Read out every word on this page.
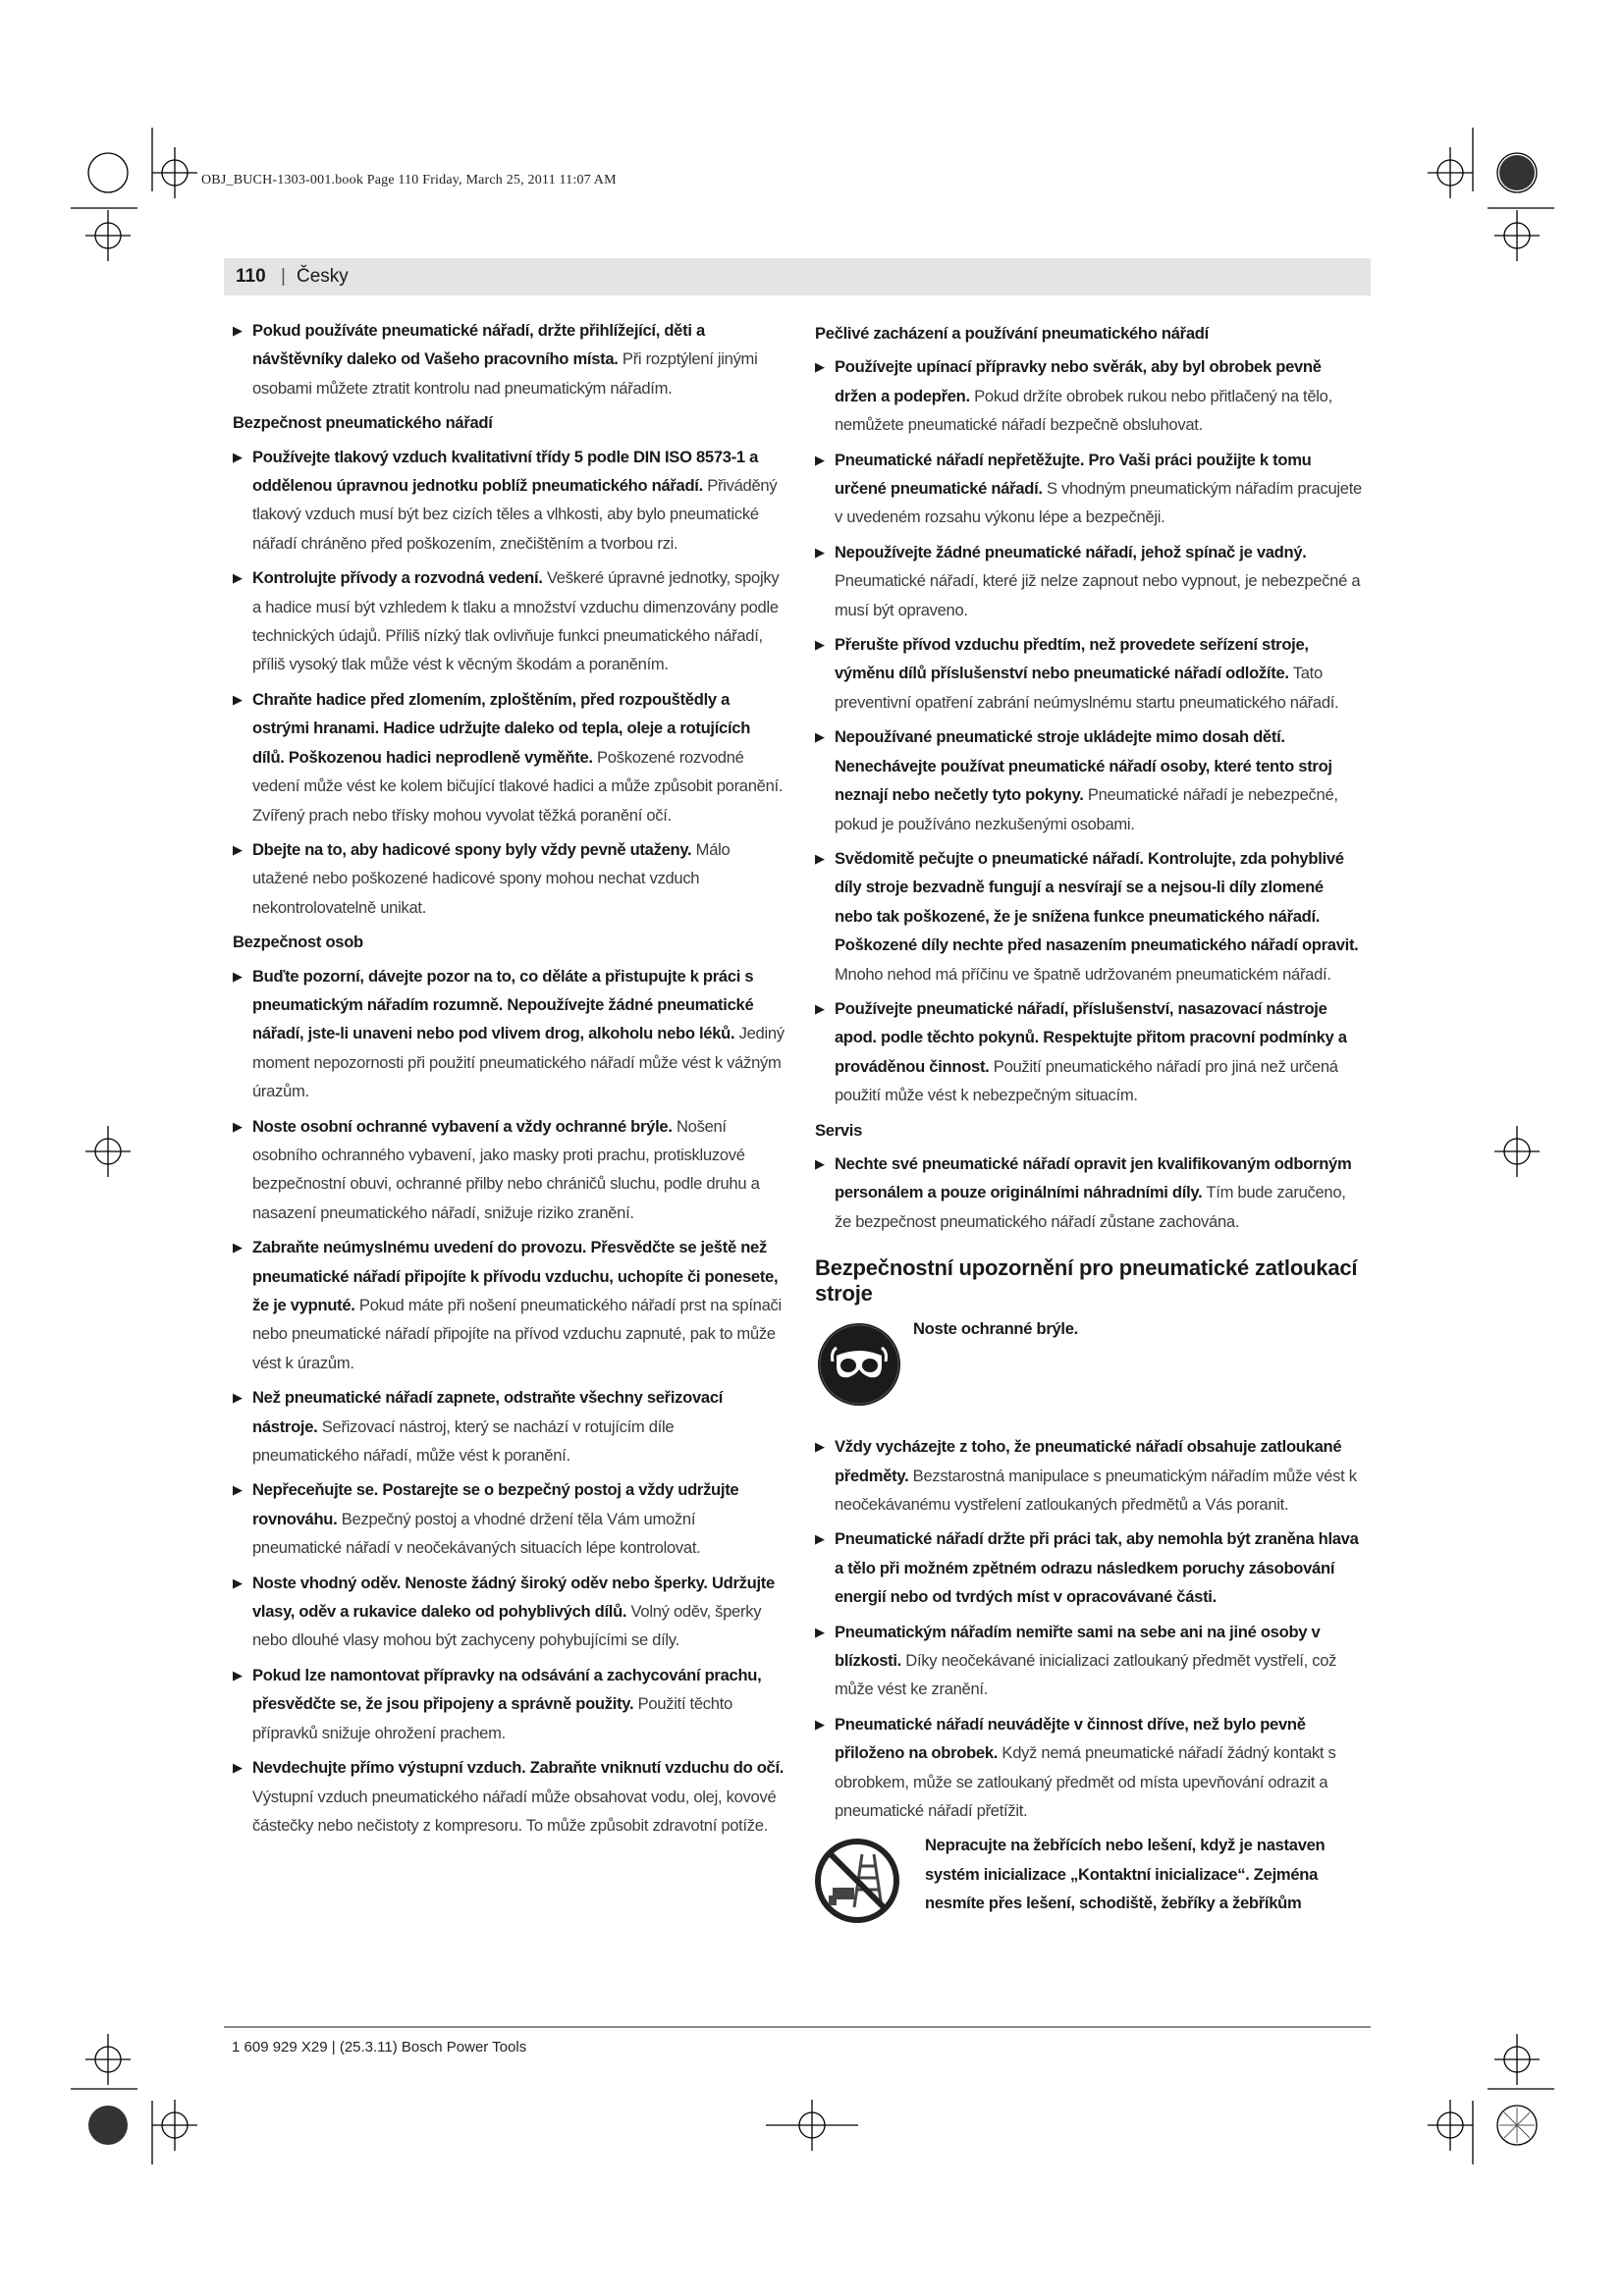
OBJ_BUCH-1303-001.book Page 110 Friday, March 25, 2011 11:07 AM
110 | Česky
▶ Pokud používáte pneumatické nářadí, držte přihlížející, děti a návštěvníky daleko od Vašeho pracovního místa. Při rozptýlení jinými osobami můžete ztratit kontrolu nad pneumatickým nářadím.
Bezpečnost pneumatického nářadí
▶ Používejte tlakový vzduch kvalitativní třídy 5 podle DIN ISO 8573-1 a oddělenou úpravnou jednotku poblíž pneumatického nářadí. Přiváděný tlakový vzduch musí být bez cizích těles a vlhkosti, aby bylo pneumatické nářadí chráněno před poškozením, znečištěním a tvorbou rzi.
▶ Kontrolujte přívody a rozvodná vedení. Veškeré úpravné jednotky, spojky a hadice musí být vzhledem k tlaku a množství vzduchu dimenzovány podle technických údajů. Příliš nízký tlak ovlivňuje funkci pneumatického nářadí, příliš vysoký tlak může vést k věcným škodám a poraněním.
▶ Chraňte hadice před zlomením, zploštěním, před rozpouštědly a ostrými hranami. Hadice udržujte daleko od tepla, oleje a rotujících dílů. Poškozenou hadici neprodleně vyměňte. Poškozené rozvodné vedení může vést ke kolem bičující tlakové hadici a může způsobit poranění. Zvířený prach nebo třísky mohou vyvolat těžká poranění očí.
▶ Dbejte na to, aby hadicové spony byly vždy pevně utaženy. Málo utažené nebo poškozené hadicové spony mohou nechat vzduch nekontrolovatelně unikat.
Bezpečnost osob
▶ Buďte pozorní, dávejte pozor na to, co děláte a přistupujte k práci s pneumatickým nářadím rozumně. Nepoužívejte žádné pneumatické nářadí, jste-li unaveni nebo pod vlivem drog, alkoholu nebo léků. Jediný moment nepozornosti při použití pneumatického nářadí může vést k vážným úrazům.
▶ Noste osobní ochranné vybavení a vždy ochranné brýle. Nošení osobního ochranného vybavení, jako masky proti prachu, protiskluzové bezpečnostní obuvi, ochranné přilby nebo chráničů sluchu, podle druhu a nasazení pneumatického nářadí, snižuje riziko zranění.
▶ Zabraňte neúmyslnému uvedení do provozu. Přesvědčte se ještě než pneumatické nářadí připojíte k přívodu vzduchu, uchopíte či ponesete, že je vypnuté. Pokud máte při nošení pneumatického nářadí prst na spínači nebo pneumatické nářadí připojíte na přívod vzduchu zapnuté, pak to může vést k úrazům.
▶ Než pneumatické nářadí zapnete, odstraňte všechny seřizovací nástroje. Seřizovací nástroj, který se nachází v rotujícím díle pneumatického nářadí, může vést k poranění.
▶ Nepřeceňujte se. Postarejte se o bezpečný postoj a vždy udržujte rovnováhu. Bezpečný postoj a vhodné držení těla Vám umožní pneumatické nářadí v neočekávaných situacích lépe kontrolovat.
▶ Noste vhodný oděv. Nenoste žádný široký oděv nebo šperky. Udržujte vlasy, oděv a rukavice daleko od pohyblivých dílů. Volný oděv, šperky nebo dlouhé vlasy mohou být zachyceny pohybujícími se díly.
▶ Pokud lze namontovat přípravky na odsávání a zachycování prachu, přesvědčte se, že jsou připojeny a správně použity. Použití těchto přípravků snižuje ohrožení prachem.
▶ Nevdechujte přímo výstupní vzduch. Zabraňte vniknutí vzduchu do očí. Výstupní vzduch pneumatického nářadí může obsahovat vodu, olej, kovové částečky nebo nečistoty z kompresoru. To může způsobit zdravotní potíže.
Pečlivé zacházení a používání pneumatického nářadí
▶ Používejte upínací přípravky nebo svěrák, aby byl obrobek pevně držen a podepřen. Pokud držíte obrobek rukou nebo přitlačený na tělo, nemůžete pneumatické nářadí bezpečně obsluhovat.
▶ Pneumatické nářadí nepřetěžujte. Pro Vaši práci použijte k tomu určené pneumatické nářadí. S vhodným pneumatickým nářadím pracujete v uvedeném rozsahu výkonu lépe a bezpečněji.
▶ Nepoužívejte žádné pneumatické nářadí, jehož spínač je vadný. Pneumatické nářadí, které již nelze zapnout nebo vypnout, je nebezpečné a musí být opraveno.
▶ Přerušte přívod vzduchu předtím, než provedete seřízení stroje, výměnu dílů příslušenství nebo pneumatické nářadí odložíte. Tato preventivní opatření zabrání neúmyslnému startu pneumatického nářadí.
▶ Nepoužívané pneumatické stroje ukládejte mimo dosah dětí. Nenechávejte používat pneumatické nářadí osoby, které tento stroj neznají nebo nečetly tyto pokyny. Pneumatické nářadí je nebezpečné, pokud je používáno nezkušenými osobami.
▶ Svědomitě pečujte o pneumatické nářadí. Kontrolujte, zda pohyblivé díly stroje bezvadně fungují a nesvírají se a nejsou-li díly zlomené nebo tak poškozené, že je snížena funkce pneumatického nářadí. Poškozené díly nechte před nasazením pneumatického nářadí opravit. Mnoho nehod má příčinu ve špatně udržovaném pneumatickém nářadí.
▶ Používejte pneumatické nářadí, příslušenství, nasazovací nástroje apod. podle těchto pokynů. Respektujte přitom pracovní podmínky a prováděnou činnost. Použití pneumatického nářadí pro jiná než určená použití může vést k nebezpečným situacím.
Servis
▶ Nechte své pneumatické nářadí opravit jen kvalifikovaným odborným personálem a pouze originálními náhradními díly. Tím bude zaručeno, že bezpečnost pneumatického nářadí zůstane zachována.
Bezpečnostní upozornění pro pneumatické zatloukací stroje
Noste ochranné brýle.
▶ Vždy vycházejte z toho, že pneumatické nářadí obsahuje zatloukané předměty. Bezstarostná manipulace s pneumatickým nářadím může vést k neočekávanému vystřelení zatloukaných předmětů a Vás poranit.
▶ Pneumatické nářadí držte při práci tak, aby nemohla být zraněna hlava a tělo při možném zpětném odrazu následkem poruchy zásobování energií nebo od tvrdých míst v opracovávané části.
▶ Pneumatickým nářadím nemiřte sami na sebe ani na jiné osoby v blízkosti. Díky neočekávané inicializaci zatloukaný předmět vystřelí, což může vést ke zranění.
▶ Pneumatické nářadí neuvádějte v činnost dříve, než bylo pevně přiloženo na obrobek. Když nemá pneumatické nářadí žádný kontakt s obrobkem, může se zatloukaný předmět od místa upevňování odrazit a pneumatické nářadí přetížit.
Nepracujte na žebřících nebo lešení, když je nastaven systém inicializace „Kontaktní inicializace“. Zejména nesmíte přes lešení, schodiště, žebříky a žebříkům
1 609 929 X29 | (25.3.11) Bosch Power Tools
